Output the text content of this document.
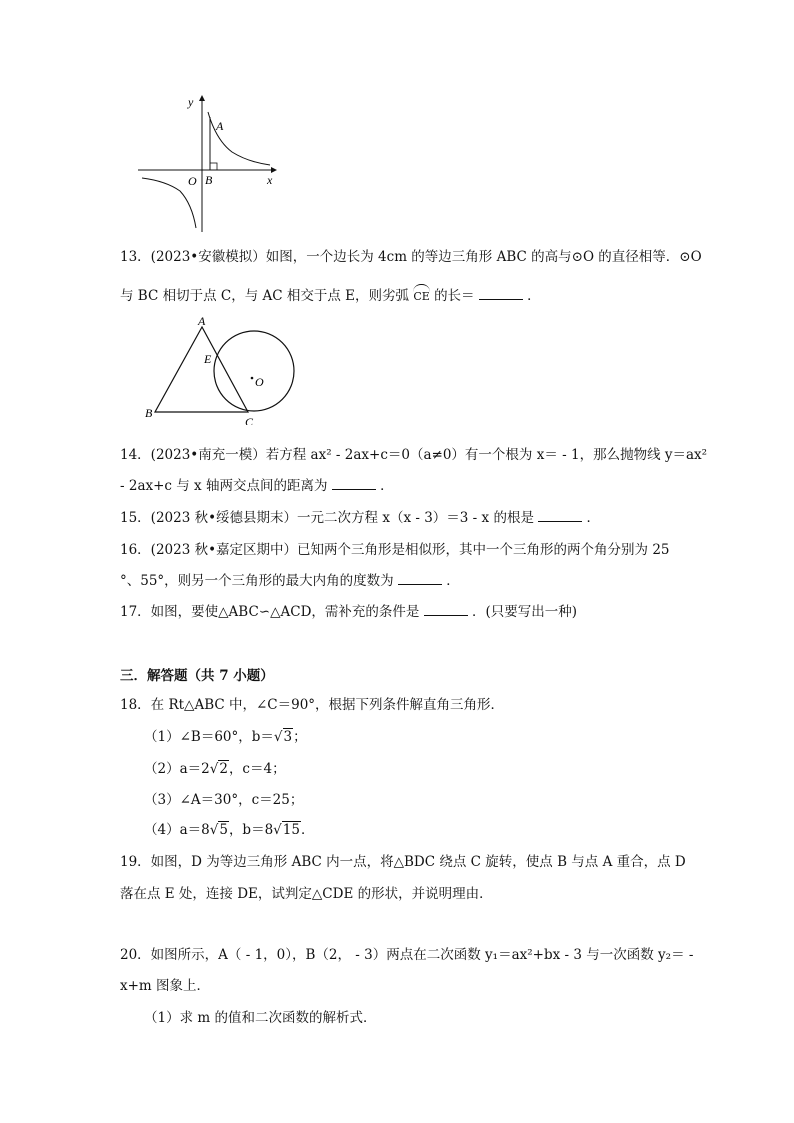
y
x
O
A
B
13．(2023•安徽模拟）如图，一个边长为 4cm 的等边三角形 ABC 的高与⊙O 的直径相等．⊙O
与 BC 相切于点 C，与 AC 相交于点 E，则劣弧 CE 的长＝	．
A
B
C
E
O
14．(2023•南充一模）若方程 ax² - 2ax+c＝0（a≠0）有一个根为 x＝ - 1，那么抛物线 y＝ax²
- 2ax+c 与 x 轴两交点间的距离为	．
15．(2023 秋•绥德县期末）一元二次方程 x（x - 3）＝3 - x 的根是	．
16．(2023 秋•嘉定区期中）已知两个三角形是相似形，其中一个三角形的两个角分别为 25
°、55°，则另一个三角形的最大内角的度数为	．
17．如图，要使△ABC∽△ACD，需补充的条件是	．(只要写出一种)
三．解答题（共 7 小题）
18．在 Rt△ABC 中，∠C＝90°，根据下列条件解直角三角形．
（1）∠B＝60°，b＝√3；
（2）a＝2√2，c＝4；
（3）∠A＝30°，c＝25；
（4）a＝8√5，b＝8√15．
19．如图，D 为等边三角形 ABC 内一点，将△BDC 绕点 C 旋转，使点 B 与点 A 重合，点 D
落在点 E 处，连接 DE，试判定△CDE 的形状，并说明理由．
20．如图所示，A（ - 1，0），B（2， - 3）两点在二次函数 y₁＝ax²+bx - 3 与一次函数 y₂＝ -
x+m 图象上．
（1）求 m 的值和二次函数的解析式．
